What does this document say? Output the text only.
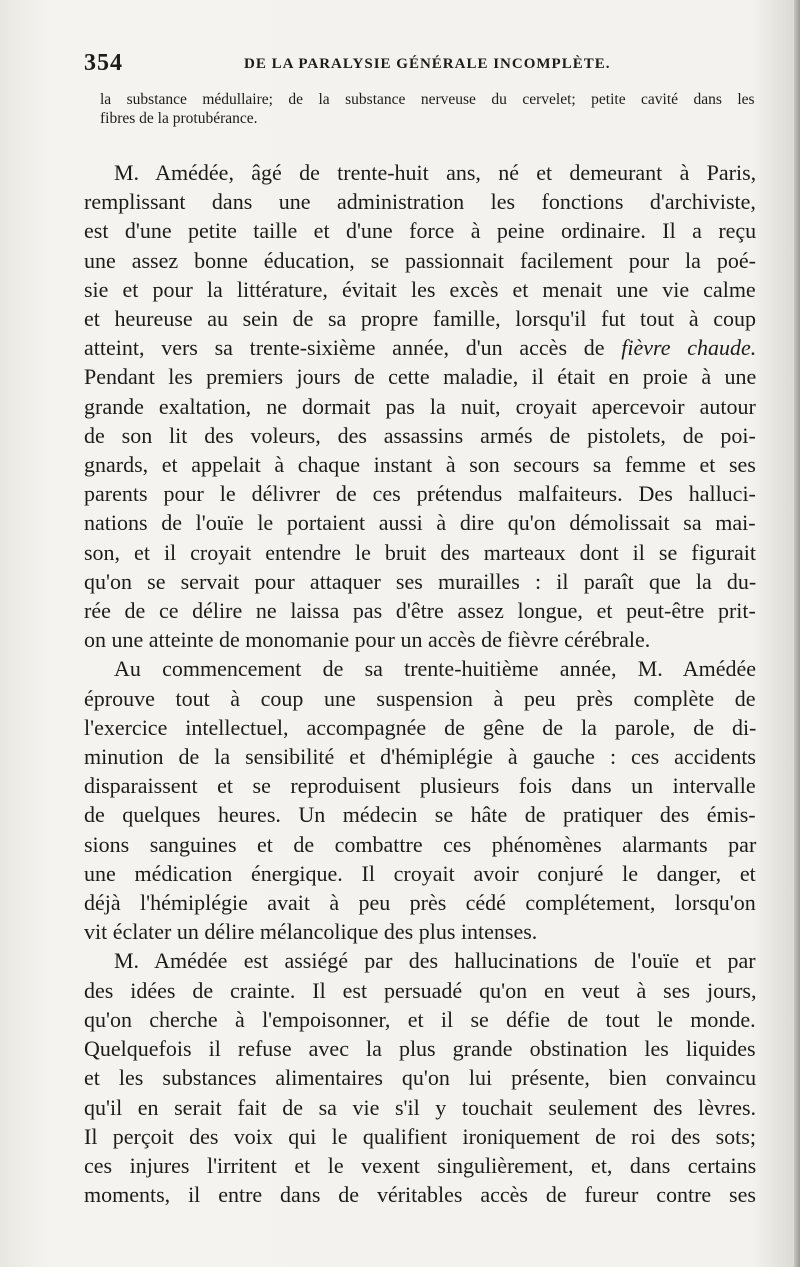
354	DE LA PARALYSIE GÉNÉRALE INCOMPLÈTE.
la substance médullaire; de la substance nerveuse du cervelet; petite cavité dans les
fibres de la protubérance.
M. Amédée, âgé de trente-huit ans, né et demeurant à Paris,
remplissant dans une administration les fonctions d'archiviste,
est d'une petite taille et d'une force à peine ordinaire. Il a reçu
une assez bonne éducation, se passionnait facilement pour la poé-
sie et pour la littérature, évitait les excès et menait une vie calme
et heureuse au sein de sa propre famille, lorsqu'il fut tout à coup
atteint, vers sa trente-sixième année, d'un accès de fièvre chaude.
Pendant les premiers jours de cette maladie, il était en proie à une
grande exaltation, ne dormait pas la nuit, croyait apercevoir autour
de son lit des voleurs, des assassins armés de pistolets, de poi-
gnards, et appelait à chaque instant à son secours sa femme et ses
parents pour le délivrer de ces prétendus malfaiteurs. Des halluci-
nations de l'ouïe le portaient aussi à dire qu'on démolissait sa mai-
son, et il croyait entendre le bruit des marteaux dont il se figurait
qu'on se servait pour attaquer ses murailles : il paraît que la du-
rée de ce délire ne laissa pas d'être assez longue, et peut-être prit-
on une atteinte de monomanie pour un accès de fièvre cérébrale.
Au commencement de sa trente-huitième année, M. Amédée
éprouve tout à coup une suspension à peu près complète de
l'exercice intellectuel, accompagnée de gêne de la parole, de di-
minution de la sensibilité et d'hémiplégie à gauche : ces accidents
disparaissent et se reproduisent plusieurs fois dans un intervalle
de quelques heures. Un médecin se hâte de pratiquer des émis-
sions sanguines et de combattre ces phénomènes alarmants par
une médication énergique. Il croyait avoir conjuré le danger, et
déjà l'hémiplégie avait à peu près cédé complétement, lorsqu'on
vit éclater un délire mélancolique des plus intenses.
M. Amédée est assiégé par des hallucinations de l'ouïe et par
des idées de crainte. Il est persuadé qu'on en veut à ses jours,
qu'on cherche à l'empoisonner, et il se défie de tout le monde.
Quelquefois il refuse avec la plus grande obstination les liquides
et les substances alimentaires qu'on lui présente, bien convaincu
qu'il en serait fait de sa vie s'il y touchait seulement des lèvres.
Il perçoit des voix qui le qualifient ironiquement de roi des sots;
ces injures l'irritent et le vexent singulièrement, et, dans certains
moments, il entre dans de véritables accès de fureur contre ses
